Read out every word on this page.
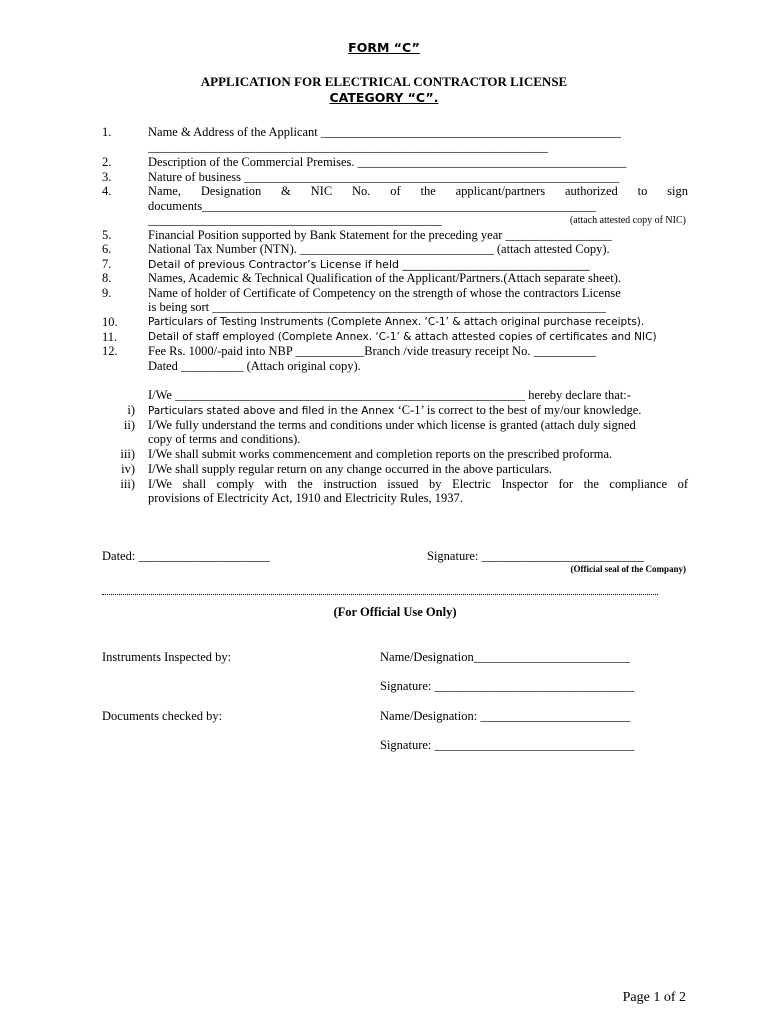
FORM “C”
APPLICATION FOR ELECTRICAL CONTRACTOR LICENSE
CATEGORY “C”.
1.	Name & Address of the Applicant ________________________________________________
________________________________________________________________
2.	Description of the Commercial Premises. ___________________________________________
3.	Nature of business ____________________________________________________________
4.	Name, Designation & NIC No. of the applicant/partners authorized to sign
documents_______________________________________________________________
_______________________________________________	(attach attested copy of NIC)
5.	Financial Position supported by Bank Statement for the preceding year _________________
6.	National Tax Number (NTN). _______________________________ (attach attested Copy).
7.	Detail of previous Contractor’s License if held __________________________________
8.	Names, Academic & Technical Qualification of the Applicant/Partners.(Attach separate sheet).
9.	Name of holder of Certificate of Competency on the strength of whose the contractors License
is being sort _______________________________________________________________
10.	Particulars of Testing Instruments (Complete Annex. ‘C-1’ & attach original purchase receipts).
11.	Detail of staff employed (Complete Annex. ‘C-1’ & attach attested copies of certificates and NIC)
12. Fee Rs. 1000/-paid into NBP ___________Branch /vide treasury receipt No. __________
Dated __________ (Attach original copy).
I/We ________________________________________________________ hereby declare that:-
i) Particulars stated above and filed in the Annex ‘C-1’ is correct to the best of my/our knowledge.
ii) I/We fully understand the terms and conditions under which license is granted (attach duly signed
copy of terms and conditions).
iii) I/We shall submit works commencement and completion reports on the prescribed proforma.
iv) I/We shall supply regular return on any change occurred in the above particulars.
iii) I/We shall comply with the instruction issued by Electric Inspector for the compliance of
provisions of Electricity Act, 1910 and Electricity Rules, 1937.
Dated: _____________________	Signature: __________________________
(Official seal of the Company)
(For Official Use Only)
Instruments Inspected by:	Name/Designation_________________________
Signature: ________________________________
Documents checked by:	Name/Designation: ________________________
Signature: ________________________________
Page 1 of 2
